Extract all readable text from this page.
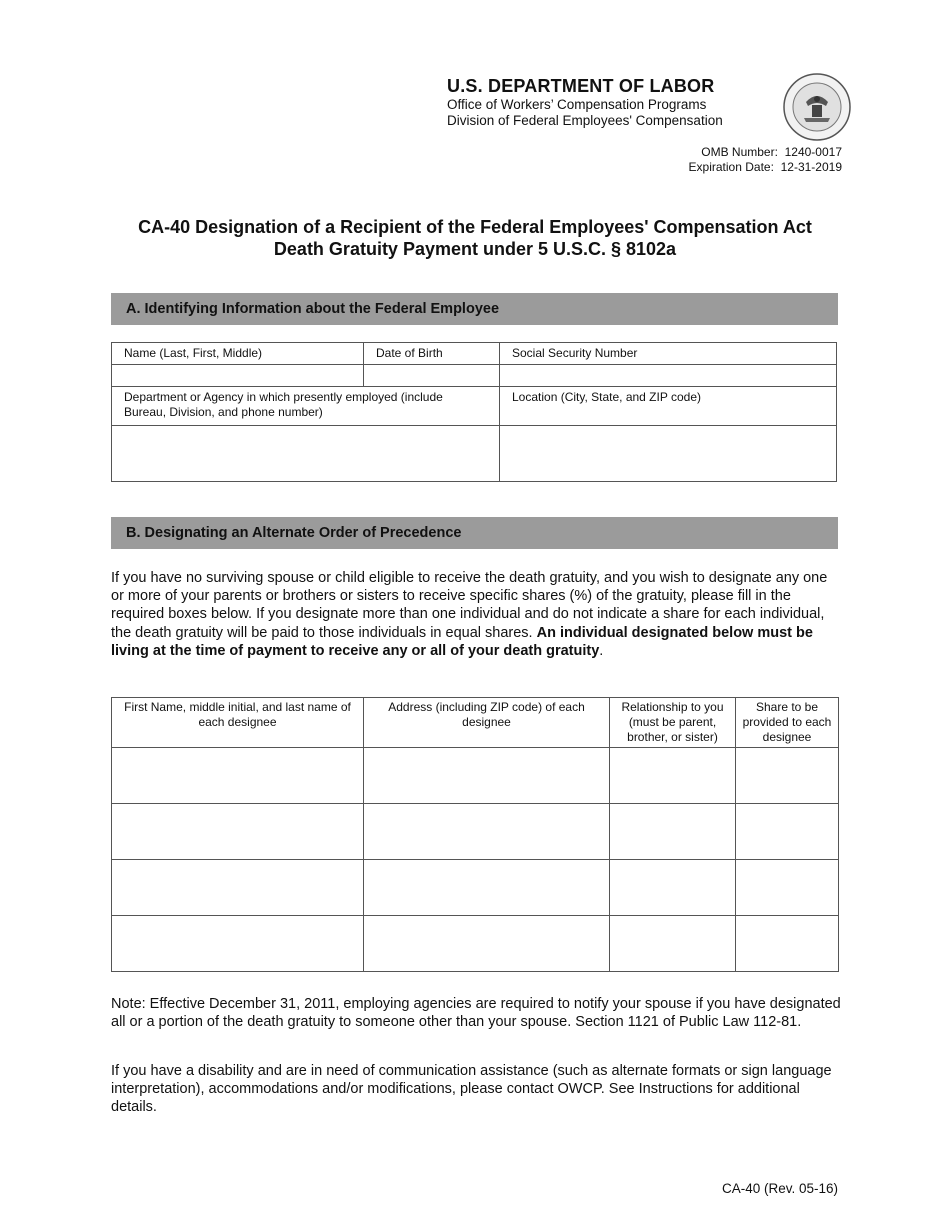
U.S. DEPARTMENT OF LABOR
Office of Workers’ Compensation Programs
Division of Federal Employees' Compensation
OMB Number: 1240-0017
Expiration Date: 12-31-2019
CA-40 Designation of a Recipient of the Federal Employees' Compensation Act
Death Gratuity Payment under 5 U.S.C. § 8102a
A. Identifying Information about the Federal Employee
Name (Last, First, Middle)	Date of Birth	Social Security Number

Department or Agency in which presently employed (include Bureau, Division, and phone number)		Location (City, State, and ZIP code)

B. Designating an Alternate Order of Precedence
If you have no surviving spouse or child eligible to receive the death gratuity, and you wish to designate any one or more of your parents or brothers or sisters to receive specific shares (%) of the gratuity, please fill in the required boxes below. If you designate more than one individual and do not indicate a share for each individual, the death gratuity will be paid to those individuals in equal shares. An individual designated below must be living at the time of payment to receive any or all of your death gratuity.
First Name, middle initial, and last name of each designee	Address (including ZIP code) of each designee	Relationship to you (must be parent, brother, or sister)	Share to be provided to each designee

Note: Effective December 31, 2011, employing agencies are required to notify your spouse if you have designated all or a portion of the death gratuity to someone other than your spouse. Section 1121 of Public Law 112-81.
If you have a disability and are in need of communication assistance (such as alternate formats or sign language interpretation), accommodations and/or modifications, please contact OWCP. See Instructions for additional details.
CA-40 (Rev. 05-16)
